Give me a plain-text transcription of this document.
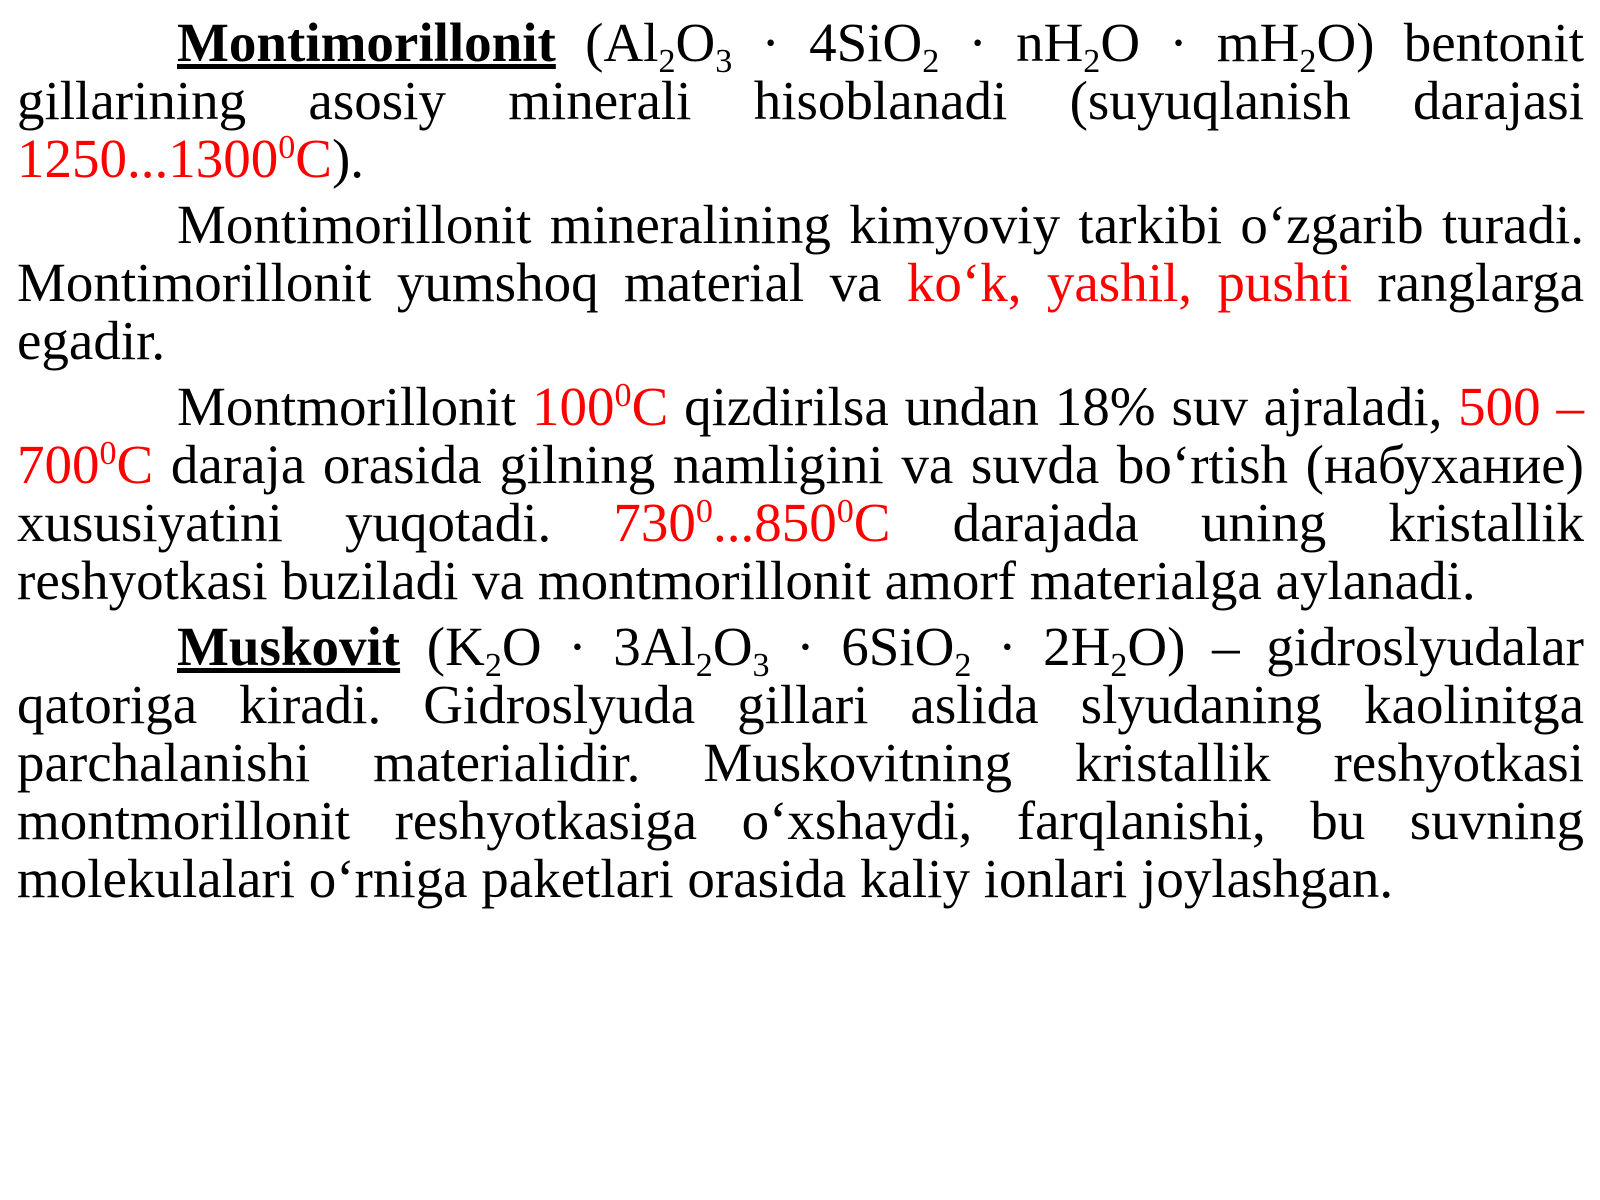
Montimorillonit $(Al_2O_3 \cdot 4SiO_2 \cdot nH_2O \cdot mH_2O)$ bentonit gillarining asosiy minerali hisoblanadi (suyuqlanish darajasi 1250...1300$^0$C).

Montimorillonit mineralining kimyoviy tarkibi o‘zgarib turadi. Montimorillonit yumshoq material va ko‘k, yashil, pushti ranglarga egadir.

Montmorillonit $100^0C$ qizdirilsa undan 18% suv ajraladi, $500 - 700^0C$ daraja orasida gilning namligini va suvda bo‘rtish (набухание) xususiyatini yuqotadi. $730^0...850^0C$ darajada uning kristallik reshyotkasi buziladi va montmorillonit amorf materialga aylanadi.

Muskovit $(K_2O \cdot 3Al_2O_3 \cdot 6SiO_2 \cdot 2H_2O)$ – gidroslyudalar qatoriga kiradi. Gidroslyuda gillari aslida slyudaning kaolinitga parchalanishi materialidir. Muskovitning kristallik reshyotkasi montmorillonit reshyotkasiga o‘xshaydi, farqlanishi, bu suvning molekulalari o‘rniga paketlari orasida kaliy ionlari joylashgan.
